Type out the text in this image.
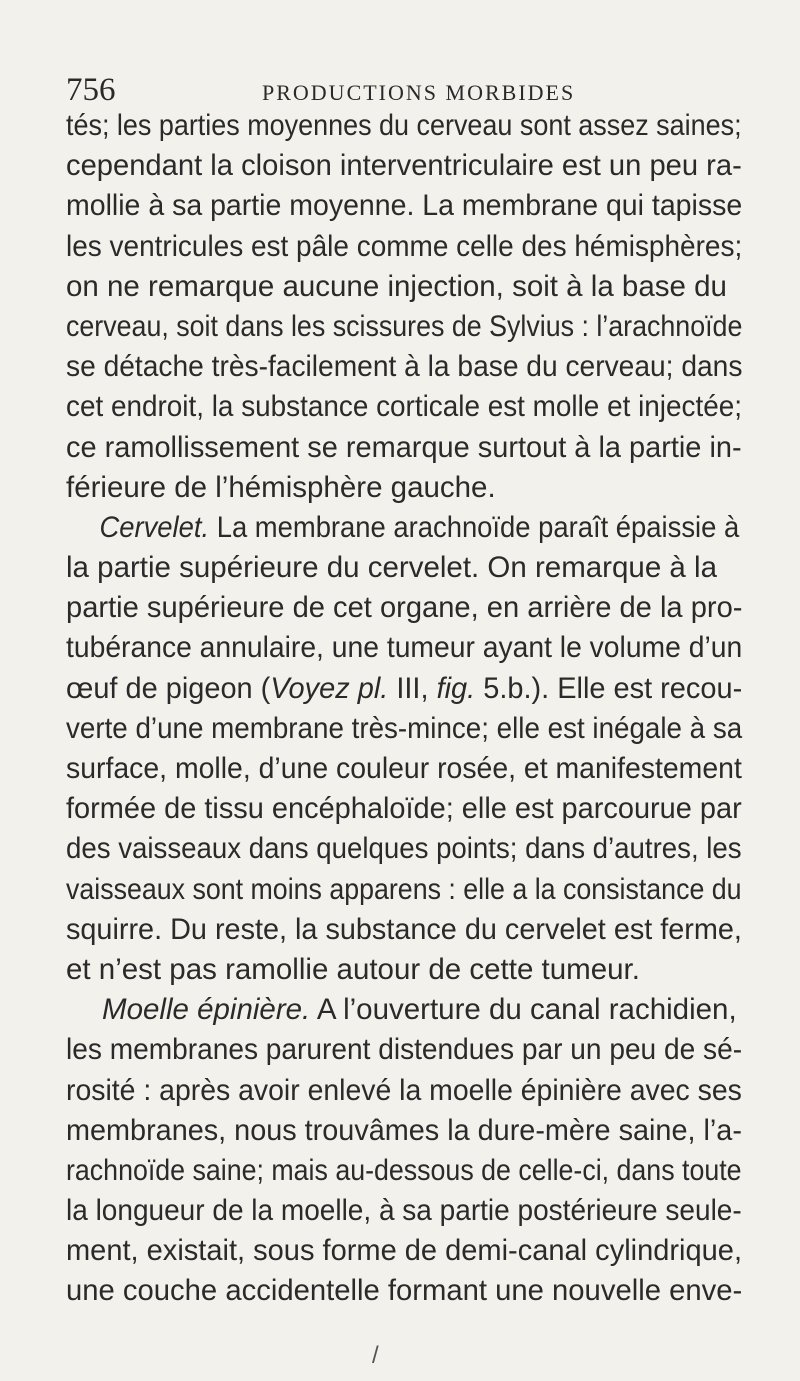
756	PRODUCTIONS MORBIDES
tés; les parties moyennes du cerveau sont assez saines;
cependant la cloison interventriculaire est un peu ra-
mollie à sa partie moyenne. La membrane qui tapisse
les ventricules est pâle comme celle des hémisphères;
on ne remarque aucune injection, soit à la base du
cerveau, soit dans les scissures de Sylvius : l’arachnoïde
se détache très-facilement à la base du cerveau; dans
cet endroit, la substance corticale est molle et injectée;
ce ramollissement se remarque surtout à la partie in-
férieure de l’hémisphère gauche.
Cervelet. La membrane arachnoïde paraît épaissie à
la partie supérieure du cervelet. On remarque à la
partie supérieure de cet organe, en arrière de la pro-
tubérance annulaire, une tumeur ayant le volume d’un
œuf de pigeon (Voyez pl. III, fig. 5.b.). Elle est recou-
verte d’une membrane très-mince; elle est inégale à sa
surface, molle, d’une couleur rosée, et manifestement
formée de tissu encéphaloïde; elle est parcourue par
des vaisseaux dans quelques points; dans d’autres, les
vaisseaux sont moins apparens : elle a la consistance du
squirre. Du reste, la substance du cervelet est ferme,
et n’est pas ramollie autour de cette tumeur.
Moelle épinière. A l’ouverture du canal rachidien,
les membranes parurent distendues par un peu de sé-
rosité : après avoir enlevé la moelle épinière avec ses
membranes, nous trouvâmes la dure-mère saine, l’a-
rachnoïde saine; mais au-dessous de celle-ci, dans toute
la longueur de la moelle, à sa partie postérieure seule-
ment, existait, sous forme de demi-canal cylindrique,
une couche accidentelle formant une nouvelle enve-
/
